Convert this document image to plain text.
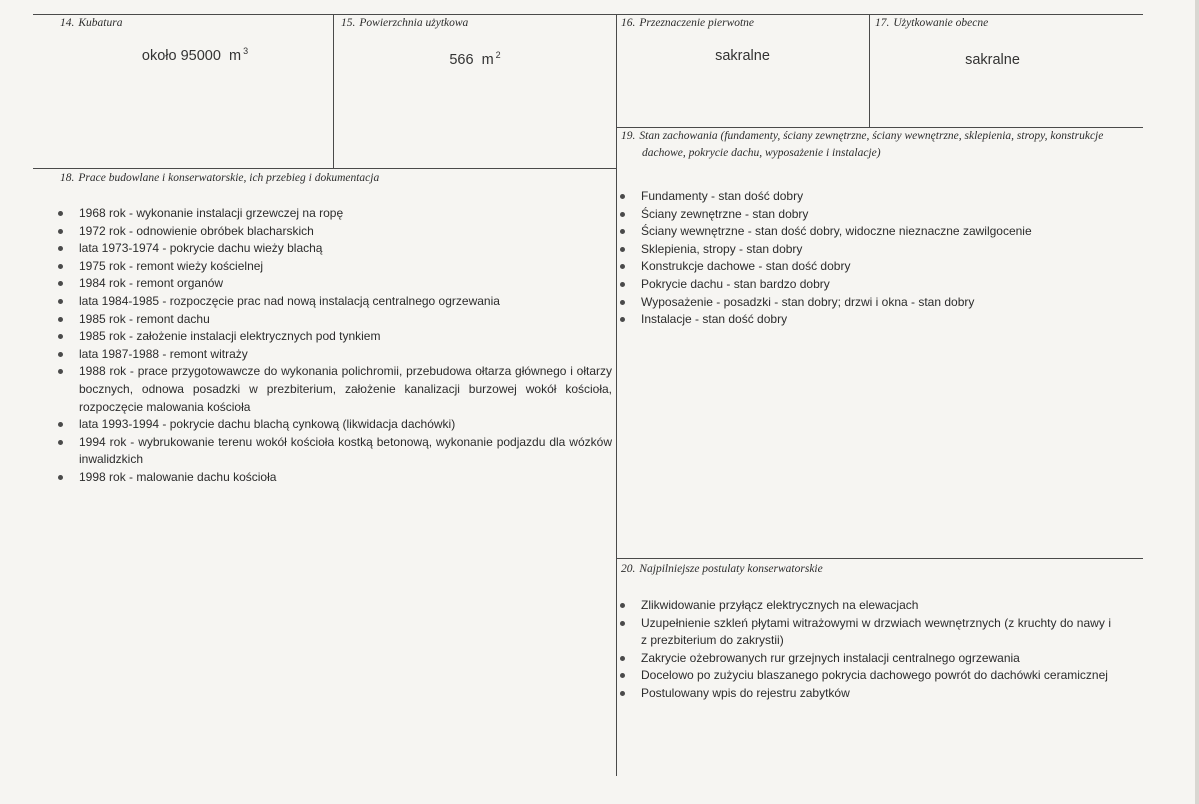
14. Kubatura
około 95000 m $^3$
15. Powierzchnia użytkowa
566 m $^2$
16. Przeznaczenie pierwotne
sakralne
17. Użytkowanie obecne
sakralne
18. Prace budowlane i konserwatorskie, ich przebieg i dokumentacja
1968 rok - wykonanie instalacji grzewczej na ropę
1972 rok - odnowienie obróbek blacharskich
lata 1973-1974 - pokrycie dachu wieży blachą
1975 rok - remont wieży kościelnej
1984 rok - remont organów
lata 1984-1985 - rozpoczęcie prac nad nową instalacją centralnego ogrzewania
1985 rok - remont dachu
1985 rok - założenie instalacji elektrycznych pod tynkiem
lata 1987-1988 - remont witraży
1988 rok - prace przygotowawcze do wykonania polichromii, przebudowa ołtarza głównego i ołtarzy bocznych, odnowa posadzki w prezbiterium, założenie kanalizacji burzowej wokół kościoła, rozpoczęcie malowania kościoła
lata 1993-1994 - pokrycie dachu blachą cynkową (likwidacja dachówki)
1994 rok - wybrukowanie terenu wokół kościoła kostką betonową, wykonanie podjazdu dla wózków inwalidzkich
1998 rok - malowanie dachu kościoła
19. Stan zachowania (fundamenty, ściany zewnętrzne, ściany wewnętrzne, sklepienia, stropy, konstrukcje dachowe, pokrycie dachu, wyposażenie i instalacje)
Fundamenty - stan dość dobry
Ściany zewnętrzne - stan dobry
Ściany wewnętrzne - stan dość dobry, widoczne nieznaczne zawilgocenie
Sklepienia, stropy - stan dobry
Konstrukcje dachowe - stan dość dobry
Pokrycie dachu - stan bardzo dobry
Wyposażenie - posadzki - stan dobry; drzwi i okna - stan dobry
Instalacje - stan dość dobry
20. Najpilniejsze postulaty konserwatorskie
Zlikwidowanie przyłącz elektrycznych na elewacjach
Uzupełnienie szkleń płytami witrażowymi w drzwiach wewnętrznych (z kruchty do nawy i z prezbiterium do zakrystii)
Zakrycie ożebrowanych rur grzejnych instalacji centralnego ogrzewania
Docelowo po zużyciu blaszanego pokrycia dachowego powrót do dachówki ceramicznej
Postulowany wpis do rejestru zabytków
